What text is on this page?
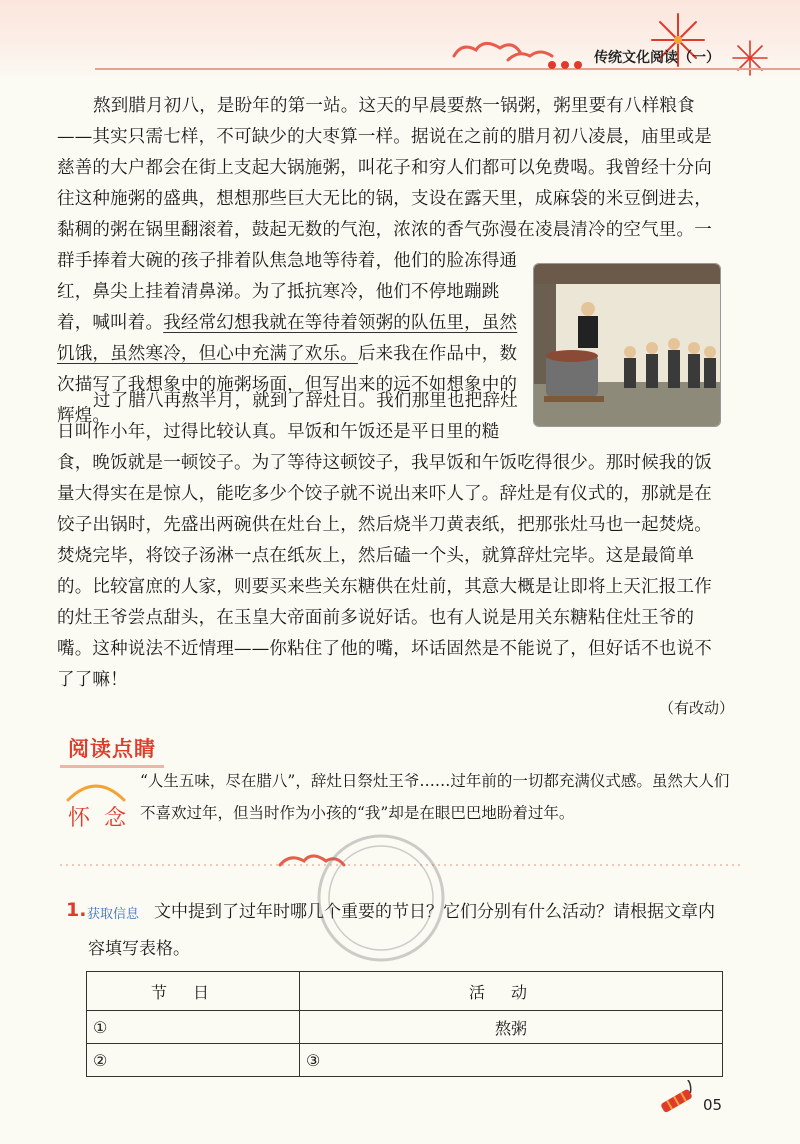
传统文化阅读（一）

熬到腊月初八，是盼年的第一站。这天的早晨要熬一锅粥，粥里要有八样粮食——其实只需七样，不可缺少的大枣算一样。据说在之前的腊月初八凌晨，庙里或是慈善的大户都会在街上支起大锅施粥，叫花子和穷人们都可以免费喝。我曾经十分向往这种施粥的盛典，想想那些巨大无比的锅，支设在露天里，成麻袋的米豆倒进去，黏稠的粥在锅里翻滚着，鼓起无数的气泡，浓浓的香气弥漫在凌晨清冷的空气里。一群手捧着大碗的孩子排着队焦急地等待着，他们的脸冻得通红，鼻尖上挂着清鼻涕。为了抵抗寒冷，他们不停地蹦跳着，喊叫着。我经常幻想我就在等待着领粥的队伍里，虽然饥饿，虽然寒冷，但心中充满了欢乐。后来我在作品中，数次描写了我想象中的施粥场面，但写出来的远不如想象中的辉煌。

（有改动）
阅读点睛
怀念

“人生五味，尽在腊八”，辞灶日祭灶王爷……过年前的一切都充满仪式感。虽然大人们不喜欢过年，但当时作为小孩的“我”却是在眼巴巴地盼着过年。

1. 获取信息 文中提到了过年时哪几个重要的节日？它们分别有什么活动？请根据文章内容填写表格。

节日	活动
①	熬粥
②	③
05

过了腊八再熬半月，就到了辞灶日。我们那里也把辞灶日叫作小年，过得比较认真。早饭和午饭还是平日里的糙食，晚饭就是一顿饺子。为了等待这顿饺子，我早饭和午饭吃得很少。那时候我的饭量大得实在是惊人，能吃多少个饺子就不说出来吓人了。辞灶是有仪式的，那就是在饺子出锅时，先盛出两碗供在灶台上，然后烧半刀黄表纸，把那张灶马也一起焚烧。焚烧完毕，将饺子汤淋一点在纸灰上，然后磕一个头，就算辞灶完毕。这是最简单的。比较富庶的人家，则要买来些关东糖供在灶前，其意大概是让即将上天汇报工作的灶王爷尝点甜头，在玉皇大帝面前多说好话。也有人说是用关东糖粘住灶王爷的嘴。这种说法不近情理——你粘住了他的嘴，坏话固然是不能说了，但好话不也说不了了嘛！
